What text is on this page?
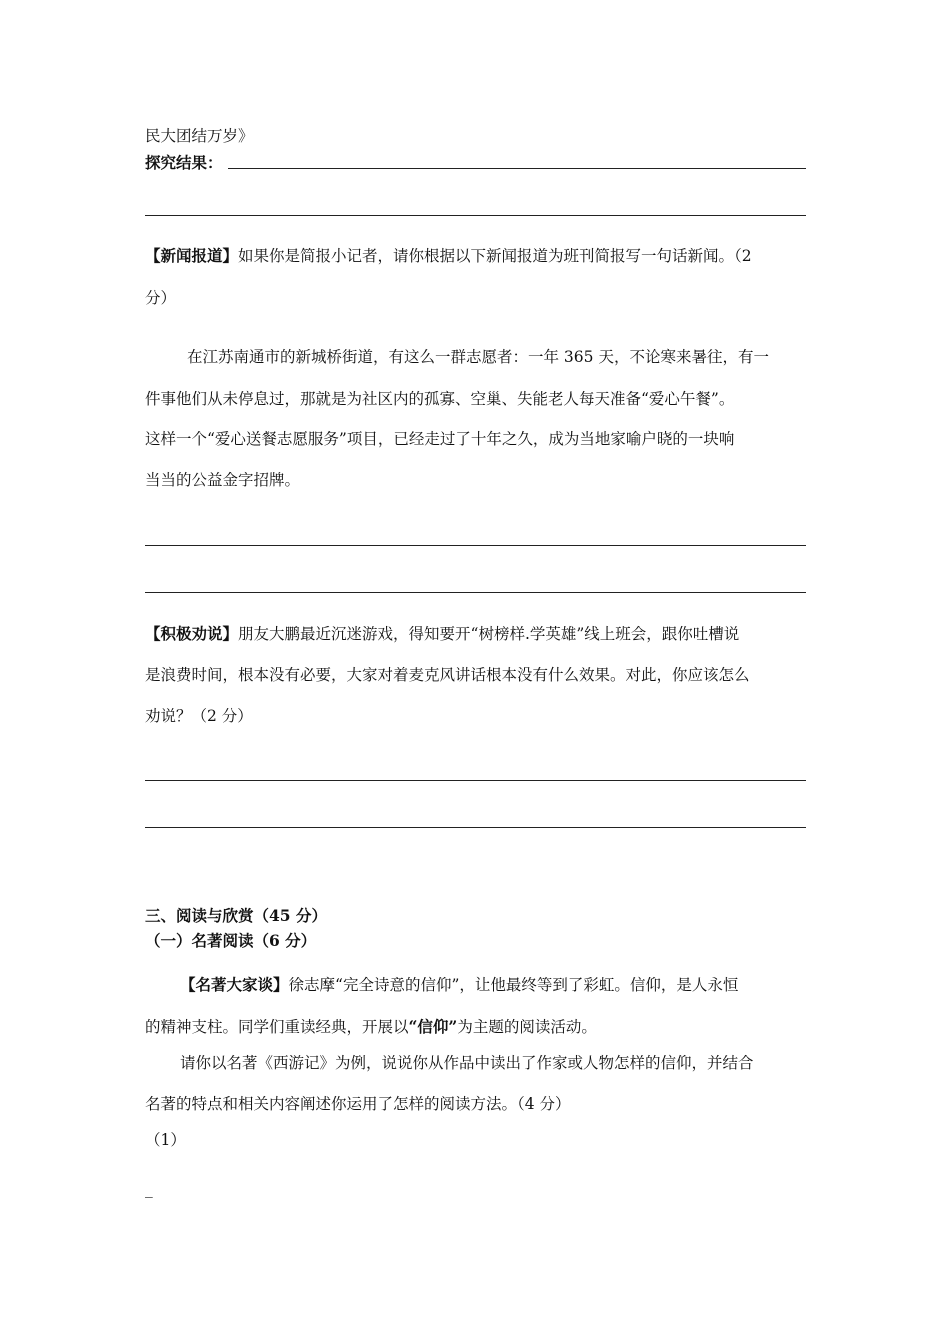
民大团结万岁》
探究结果：
【新闻报道】如果你是简报小记者，请你根据以下新闻报道为班刊简报写一句话新闻。（2
分）
在江苏南通市的新城桥街道，有这么一群志愿者：一年 365 天，不论寒来暑往，有一
件事他们从未停息过，那就是为社区内的孤寡、空巢、失能老人每天准备“爱心午餐”。
这样一个“爱心送餐志愿服务”项目，已经走过了十年之久，成为当地家喻户晓的一块响
当当的公益金字招牌。
【积极劝说】朋友大鹏最近沉迷游戏，得知要开“树榜样.学英雄”线上班会，跟你吐槽说
是浪费时间，根本没有必要，大家对着麦克风讲话根本没有什么效果。对此，你应该怎么
劝说？（2 分）
三、阅读与欣赏（45 分）
（一）名著阅读（6 分）
【名著大家谈】徐志摩“完全诗意的信仰”，让他最终等到了彩虹。信仰，是人永恒
的精神支柱。同学们重读经典，开展以“信仰”为主题的阅读活动。
请你以名著《西游记》为例，说说你从作品中读出了作家或人物怎样的信仰，并结合
名著的特点和相关内容阐述你运用了怎样的阅读方法。（4 分）
（1）
_
